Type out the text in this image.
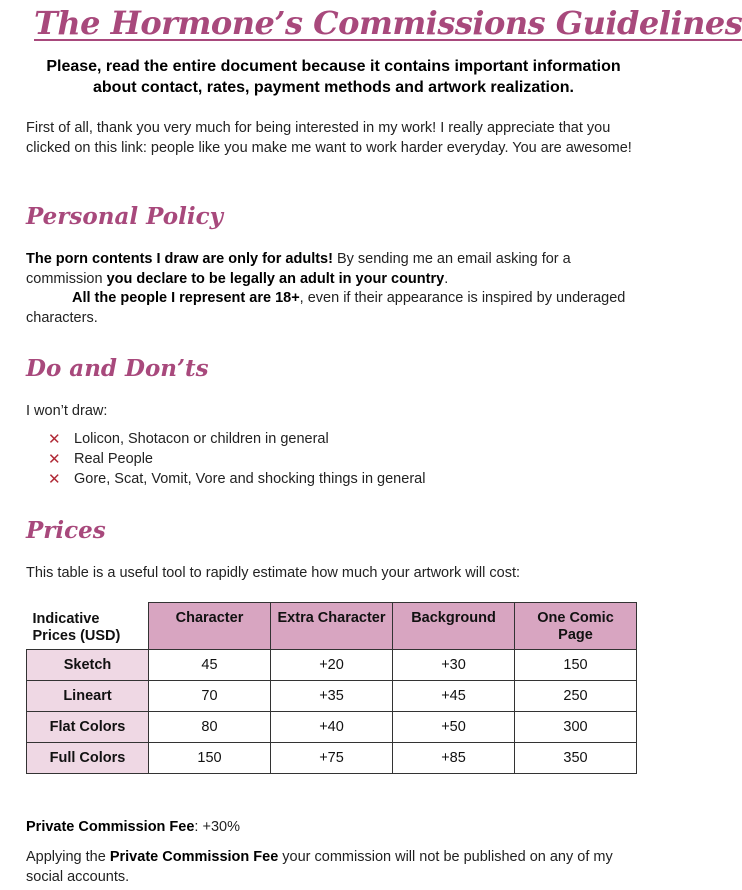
The Hormone’s Commissions Guidelines
Please, read the entire document because it contains important information about contact, rates, payment methods and artwork realization.
First of all, thank you very much for being interested in my work! I really appreciate that you clicked on this link: people like you make me want to work harder everyday. You are awesome!
Personal Policy
The porn contents I draw are only for adults! By sending me an email asking for a commission you declare to be legally an adult in your country.
All the people I represent are 18+, even if their appearance is inspired by underaged characters.
Do and Don’ts
I won’t draw:
✕ Lolicon, Shotacon or children in general
✕ Real People
✕ Gore, Scat, Vomit, Vore and shocking things in general
Prices
This table is a useful tool to rapidly estimate how much your artwork will cost:
Indicative Prices (USD)	Character	Extra Character	Background	One Comic Page
Sketch	45	+20	+30	150
Lineart	70	+35	+45	250
Flat Colors	80	+40	+50	300
Full Colors	150	+75	+85	350
Private Commission Fee: +30%
Applying the Private Commission Fee your commission will not be published on any of my social accounts.
